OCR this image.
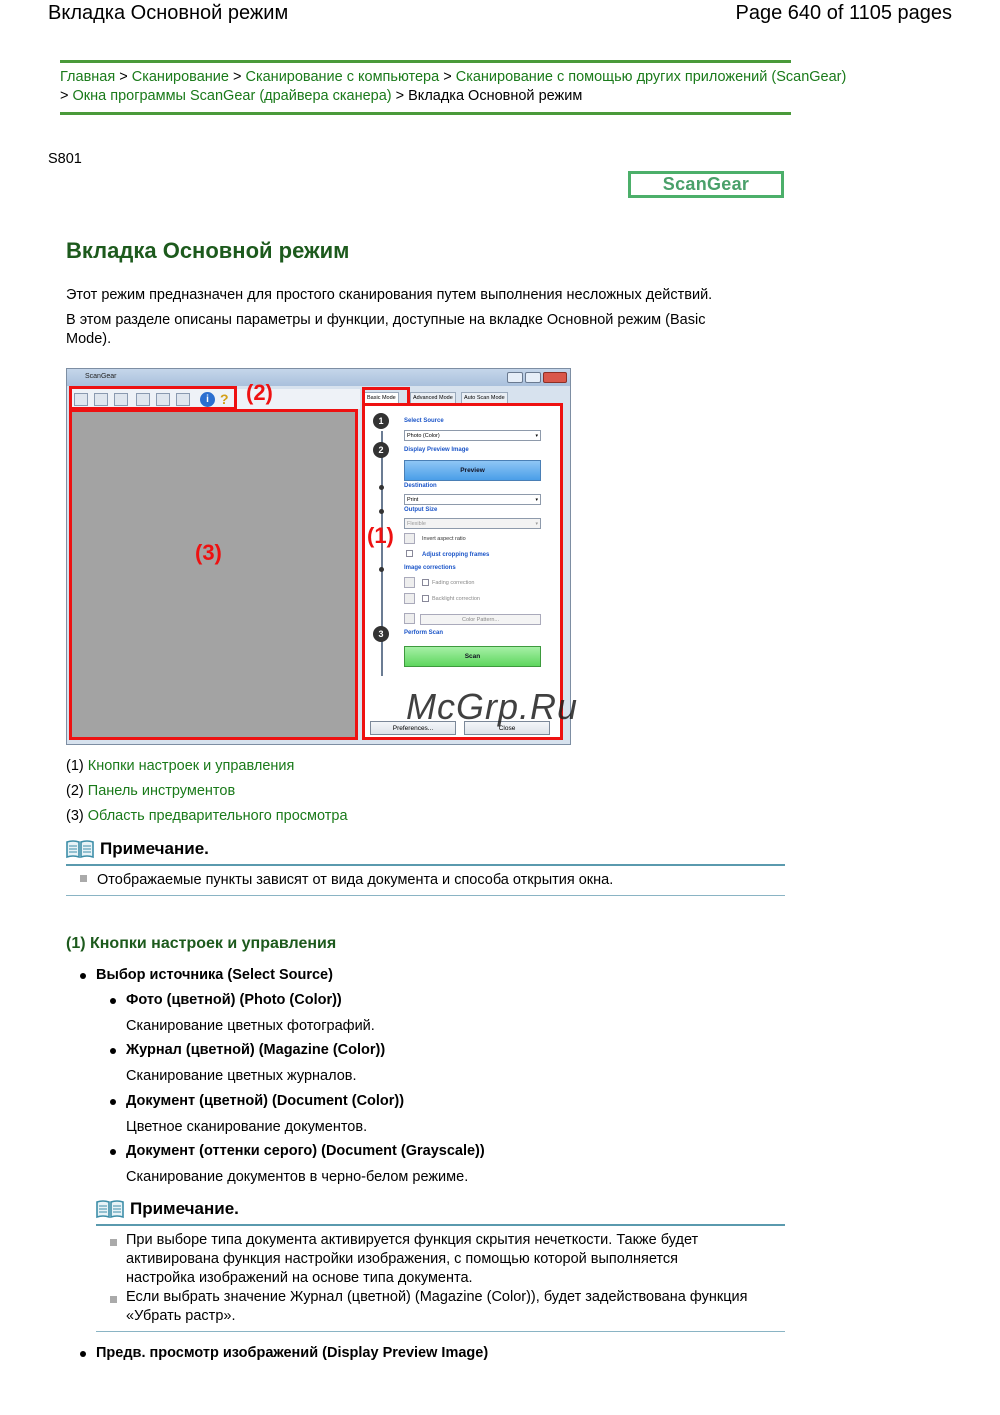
Вкладка Основной режим	Page 640 of 1105 pages
Главная > Сканирование > Сканирование с компьютера > Сканирование с помощью других приложений (ScanGear)
> Окна программы ScanGear (драйвера сканера) > Вкладка Основной режим
S801
ScanGear
Вкладка Основной режим

Этот режим предназначен для простого сканирования путем выполнения несложных действий.

В этом разделе описаны параметры и функции, доступные на вкладке Основной режим (Basic Mode).

ScanGear
i ?	Basic Mode	Advanced Mode	Auto Scan Mode
1	Select Source
Photo (Color)	▾
2	Display Preview Image
Preview
Destination
Print	▾
Output Size
Flexible	▾
Invert aspect ratio
Adjust cropping frames
Image corrections
Fading correction
Backlight correction
Color Pattern...
3	Perform Scan
Scan
Preferences...	Close
(2)
(3)
(1)
McGrp.Ru
(1) Кнопки настроек и управления
(2) Панель инструментов
(3) Область предварительного просмотра
Примечание.
Отображаемые пункты зависят от вида документа и способа открытия окна.
(1) Кнопки настроек и управления
Выбор источника (Select Source)
Фото (цветной) (Photo (Color))
Сканирование цветных фотографий.
Журнал (цветной) (Magazine (Color))
Сканирование цветных журналов.
Документ (цветной) (Document (Color))
Цветное сканирование документов.
Документ (оттенки серого) (Document (Grayscale))
Сканирование документов в черно-белом режиме.
Примечание.
При выборе типа документа активируется функция скрытия нечеткости. Также будет активирована функция настройки изображения, с помощью которой выполняется настройка изображений на основе типа документа.
Если выбрать значение Журнал (цветной) (Magazine (Color)), будет задействована функция «Убрать растр».
Предв. просмотр изображений (Display Preview Image)
